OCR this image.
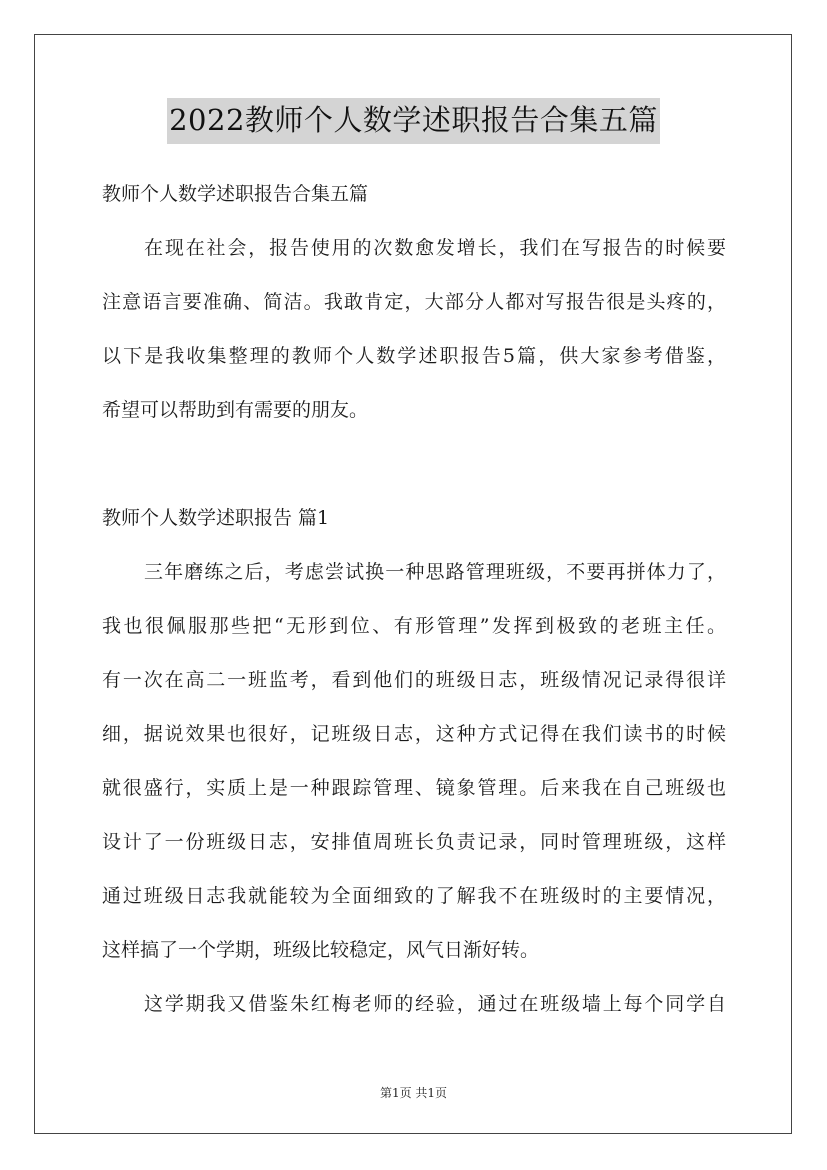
2022教师个人数学述职报告合集五篇
教师个人数学述职报告合集五篇
在现在社会，报告使用的次数愈发增长，我们在写报告的时候要
注意语言要准确、简洁。我敢肯定，大部分人都对写报告很是头疼的，
以下是我收集整理的教师个人数学述职报告5篇，供大家参考借鉴，
希望可以帮助到有需要的朋友。
教师个人数学述职报告 篇1
三年磨练之后，考虑尝试换一种思路管理班级，不要再拼体力了，
我也很佩服那些把“无形到位、有形管理”发挥到极致的老班主任。
有一次在高二一班监考，看到他们的班级日志，班级情况记录得很详
细，据说效果也很好，记班级日志，这种方式记得在我们读书的时候
就很盛行，实质上是一种跟踪管理、镜象管理。后来我在自己班级也
设计了一份班级日志，安排值周班长负责记录，同时管理班级，这样
通过班级日志我就能较为全面细致的了解我不在班级时的主要情况，
这样搞了一个学期，班级比较稳定，风气日渐好转。
这学期我又借鉴朱红梅老师的经验，通过在班级墙上每个同学自
第1页 共1页
